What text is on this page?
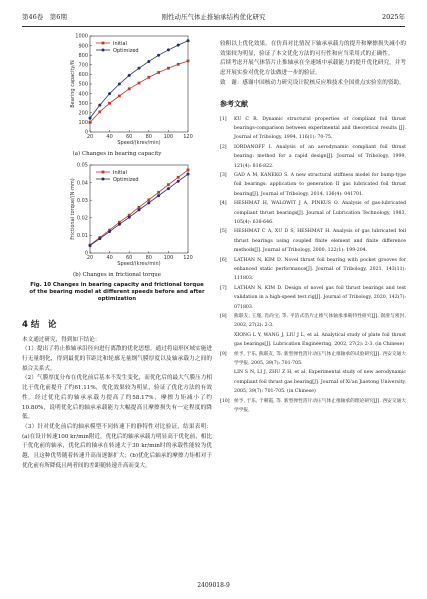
第46卷　第6期	刚性动压气体止推轴承结构优化研究	2025年
0
100
200
300
400
500
600
700
800
900
1000
20	40	60	80 100 120
Speed/(krev/min)
Bearing capacity/N
Initial
Optimized
(a) Changes in bearing capacity
0
0.01
0.02
0.03
0.04
0.05
20	40	60	80 100 120
Speed/(krev/min)
Frictional torque/(N·mm)
Initial
Optimized
(b) Changes in frictional torque
Fig. 10 Changes in bearing capacity and frictional torque of the bearing model at different speeds before and after optimization
4 结　论

本文通过研究，得到如下结论：

（1）提出了将止推轴承沿径向进行离散的优化思想。通过将扇形区域实施进行无量纲化，得到最优的节距比和轮廓无量纲气膜厚度以及轴承载力之间的拟合关系式。

（2）气膜厚度分布在优化前后基本不发生变化，而优化后的最大气膜压力相比于优化前提升了约61.11%，优化效果较为明显，验证了优化方法的有效性。经过优化后的轴承承载力提高了约58.17%，摩擦力矩减小了约10.80%，说明优化后的轴承承载能力大幅提高且摩擦损失有一定程度的降低。

（3）针对优化前后的轴承模型不同转速下的静特性对比验证，结果表明：(a)在设计转速100 kr/min附近，优化后的轴承承载力明显高于优化前，相比于优化前的轴承，优化后的轴承在转速大于30 kr/min时的承载性能较为优越，且这种优势随着转速升高而逐渐扩大；(b)优化后轴承的摩擦力矩相对于优化前有所降低且两者间的差距随转速升高而变大。

较粗以上优化效果，在仿真对比情况下轴承承载力的提升和摩擦损失减小的效果较为明显，验证了本文优化方法的可行性和应当采用式的正确性。

后续考虑开展气体箔片止推轴承在全速域中承载能力的提升优化研究，并考虑开展实验对优化方法做进一步的验证。

致　谢：感谢中国核动力研究设计院核反应堆技术全国重点实验室的资助。

参考文献
[1]	KU C R. Dynamic structural properties of compliant foil thrust bearings-comparison between experimental and theoretical results [J]. Journal of Tribology, 1994, 116(1): 70-75.
[2]	IORDANOFF I. Analysis of an aerodynamic compliant foil thrust bearing: method for a rapid design[J]. Journal of Tribology, 1999, 121(4): 816-822.
[3]	GAD A M, KANEKO S. A new structural stiffness model for bump-type foil bearings: application to generation II gas lubricated foil thrust bearing[J]. Journal of Tribology, 2014, 136(4): 041701.
[4]	HESHMAT H, WALOWIT J A, PINKUS O. Analysis of gas-lubricated compliant thrust bearings[J]. Journal of Lubrication Technology, 1983, 105(4): 638-646.
[5]	HESHMAT C A, XU D S, HESHMAT H. Analysis of gas lubricated foil thrust bearings using coupled finite element and finite difference methods[J]. Journal of Tribology, 2000, 122(1): 199-204.
[6]	LATHAN N, KIM D. Novel thrust foil bearing with pocket grooves for enhanced static performance[J]. Journal of Tribology, 2021, 143(11): 111803.
[7]	LATHAN N, KIM D. Design of novel gas foil thrust bearings and test validation in a high-speed test rig[J]. Journal of Tribology, 2020, 142(7): 071803.
[8]	熊联友, 王瑾, 肖尚宝, 等. 平箔式箔片止推气体轴承承载特性研究[J]. 润滑与密封, 2002, 27(2): 2-3.
XIONG L Y, WANG J, LIU J L, et al. Analytical study of plate foil thrust gas bearings[J]. Lubrication Engineering, 2002, 27(2): 2-3. (in Chinese)
[9]	侯予, 于乐, 熊联友, 等. 新型弹性箔片动压气体止推轴承的试验研究[J]. 西安交通大学学报, 2005, 39(7): 701-705.
LIN S N, LI J, ZHU Z H, et al. Experimental study of new aerodynamic compliant foil thrust gas bearing[J]. Journal of Xi'an Jiaotong University, 2005, 39(7): 701-705. (in Chinese)
[10] 侯予, 于乐, 于朝霞, 等. 新型弹性箔片动压气体止推轴承的理论研究[J]. 西安交通大学学报,
2409018-9
